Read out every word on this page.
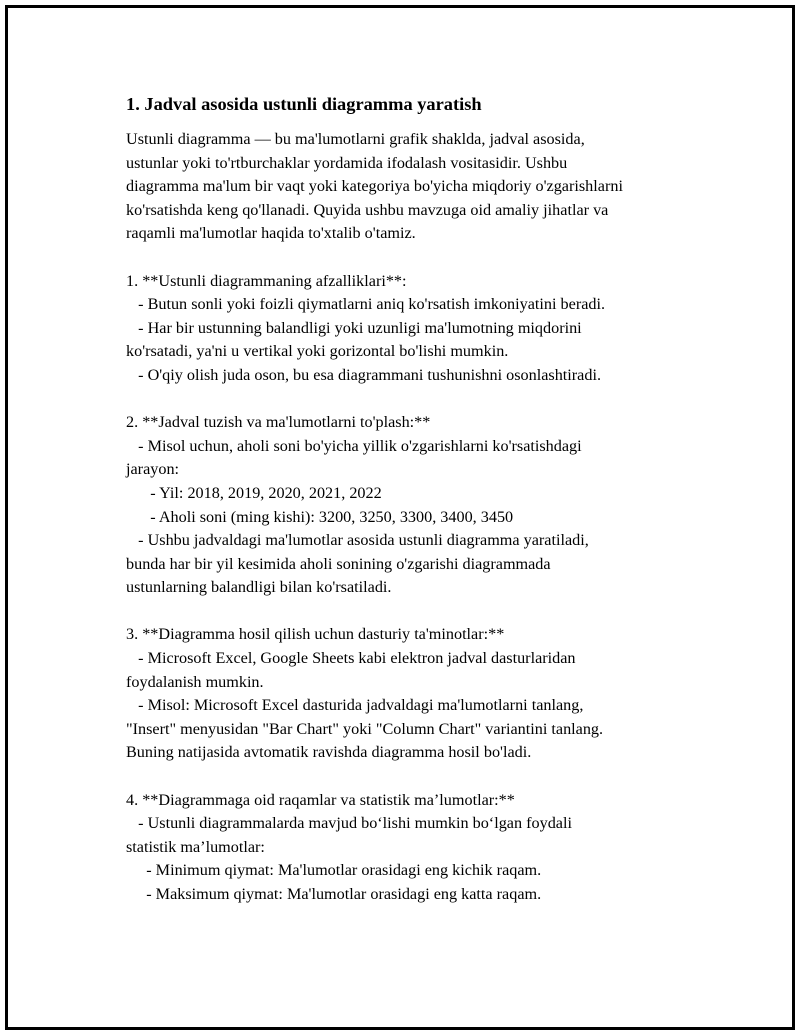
1. Jadval asosida ustunli diagramma yaratish
Ustunli diagramma — bu ma'lumotlarni grafik shaklda, jadval asosida,
ustunlar yoki to'rtburchaklar yordamida ifodalash vositasidir. Ushbu
diagramma ma'lum bir vaqt yoki kategoriya bo'yicha miqdoriy o'zgarishlarni
ko'rsatishda keng qo'llanadi. Quyida ushbu mavzuga oid amaliy jihatlar va
raqamli ma'lumotlar haqida to'xtalib o'tamiz.
1. **Ustunli diagrammaning afzalliklari**:
- Butun sonli yoki foizli qiymatlarni aniq ko'rsatish imkoniyatini beradi.
- Har bir ustunning balandligi yoki uzunligi ma'lumotning miqdorini
ko'rsatadi, ya'ni u vertikal yoki gorizontal bo'lishi mumkin.
- O'qiy olish juda oson, bu esa diagrammani tushunishni osonlashtiradi.
2. **Jadval tuzish va ma'lumotlarni to'plash:**
- Misol uchun, aholi soni bo'yicha yillik o'zgarishlarni ko'rsatishdagi
jarayon:
- Yil: 2018, 2019, 2020, 2021, 2022
- Aholi soni (ming kishi): 3200, 3250, 3300, 3400, 3450
- Ushbu jadvaldagi ma'lumotlar asosida ustunli diagramma yaratiladi,
bunda har bir yil kesimida aholi sonining o'zgarishi diagrammada
ustunlarning balandligi bilan ko'rsatiladi.
3. **Diagramma hosil qilish uchun dasturiy ta'minotlar:**
- Microsoft Excel, Google Sheets kabi elektron jadval dasturlaridan
foydalanish mumkin.
- Misol: Microsoft Excel dasturida jadvaldagi ma'lumotlarni tanlang,
"Insert" menyusidan "Bar Chart" yoki "Column Chart" variantini tanlang.
Buning natijasida avtomatik ravishda diagramma hosil bo'ladi.
4. **Diagrammaga oid raqamlar va statistik ma’lumotlar:**
- Ustunli diagrammalarda mavjud bo‘lishi mumkin bo‘lgan foydali
statistik ma’lumotlar:
- Minimum qiymat: Ma'lumotlar orasidagi eng kichik raqam.
- Maksimum qiymat: Ma'lumotlar orasidagi eng katta raqam.
